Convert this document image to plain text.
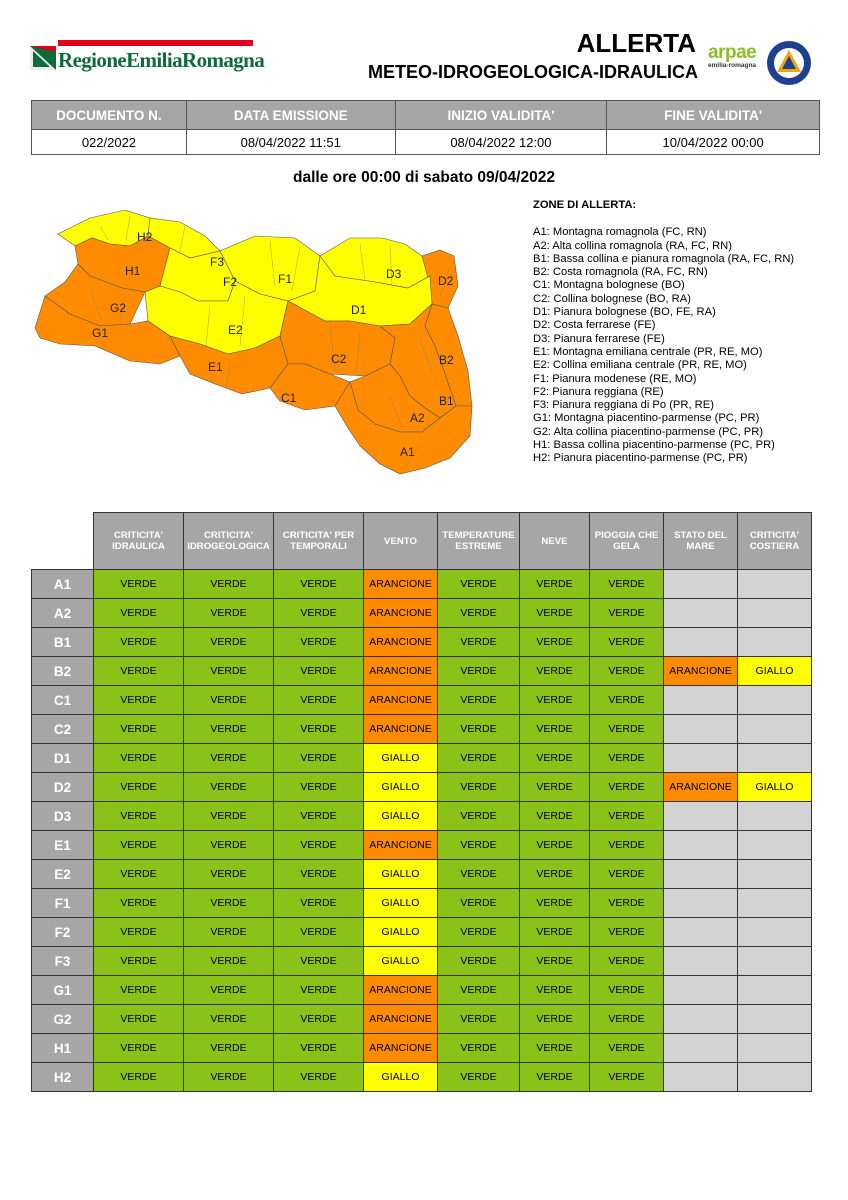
RegioneEmiliaRomagna
ALLERTA
METEO-IDROGEOLOGICA-IDRAULICA
arpae
emilia-romagna
DOCUMENTO N.	DATA EMISSIONE	INIZIO VALIDITA'	FINE VALIDITA'
022/2022	08/04/2022 11:51	08/04/2022 12:00	10/04/2022 00:00
dalle ore 00:00 di sabato 09/04/2022
H2
H1
G2
G1
F3
F2	F1
E2
E1
D3	D2
D1
C2
C1
B2
B1
A2
A1
ZONE DI ALLERTA:
A1: Montagna romagnola (FC, RN)
A2: Alta collina romagnola (RA, FC, RN)
B1: Bassa collina e pianura romagnola (RA, FC, RN)
B2: Costa romagnola (RA, FC, RN)
C1: Montagna bolognese (BO)
C2: Collina bolognese (BO, RA)
D1: Pianura bolognese (BO, FE, RA)
D2: Costa ferrarese (FE)
D3: Pianura ferrarese (FE)
E1: Montagna emiliana centrale (PR, RE, MO)
E2: Collina emiliana centrale (PR, RE, MO)
F1: Pianura modenese (RE, MO)
F2: Pianura reggiana (RE)
F3: Pianura reggiana di Po (PR, RE)
G1: Montagna piacentino-parmense (PC, PR)
G2: Alta collina piacentino-parmense (PC, PR)
H1: Bassa collina piacentino-parmense (PC, PR)
H2: Pianura piacentino-parmense (PC, PR)
	CRITICITA' IDRAULICA	CRITICITA' IDROGEOLOGICA	CRITICITA' PER TEMPORALI	VENTO	TEMPERATURE ESTREME	NEVE	PIOGGIA CHE GELA	STATO DEL MARE	CRITICITA' COSTIERA
A1	VERDE	VERDE	VERDE	ARANCIONE	VERDE	VERDE	VERDE		
A2	VERDE	VERDE	VERDE	ARANCIONE	VERDE	VERDE	VERDE		
B1	VERDE	VERDE	VERDE	ARANCIONE	VERDE	VERDE	VERDE		
B2	VERDE	VERDE	VERDE	ARANCIONE	VERDE	VERDE	VERDE	ARANCIONE	GIALLO
C1	VERDE	VERDE	VERDE	ARANCIONE	VERDE	VERDE	VERDE		
C2	VERDE	VERDE	VERDE	ARANCIONE	VERDE	VERDE	VERDE		
D1	VERDE	VERDE	VERDE	GIALLO	VERDE	VERDE	VERDE		
D2	VERDE	VERDE	VERDE	GIALLO	VERDE	VERDE	VERDE	ARANCIONE	GIALLO
D3	VERDE	VERDE	VERDE	GIALLO	VERDE	VERDE	VERDE		
E1	VERDE	VERDE	VERDE	ARANCIONE	VERDE	VERDE	VERDE		
E2	VERDE	VERDE	VERDE	GIALLO	VERDE	VERDE	VERDE		
F1	VERDE	VERDE	VERDE	GIALLO	VERDE	VERDE	VERDE		
F2	VERDE	VERDE	VERDE	GIALLO	VERDE	VERDE	VERDE		
F3	VERDE	VERDE	VERDE	GIALLO	VERDE	VERDE	VERDE		
G1	VERDE	VERDE	VERDE	ARANCIONE	VERDE	VERDE	VERDE		
G2	VERDE	VERDE	VERDE	ARANCIONE	VERDE	VERDE	VERDE		
H1	VERDE	VERDE	VERDE	ARANCIONE	VERDE	VERDE	VERDE		
H2	VERDE	VERDE	VERDE	GIALLO	VERDE	VERDE	VERDE		
